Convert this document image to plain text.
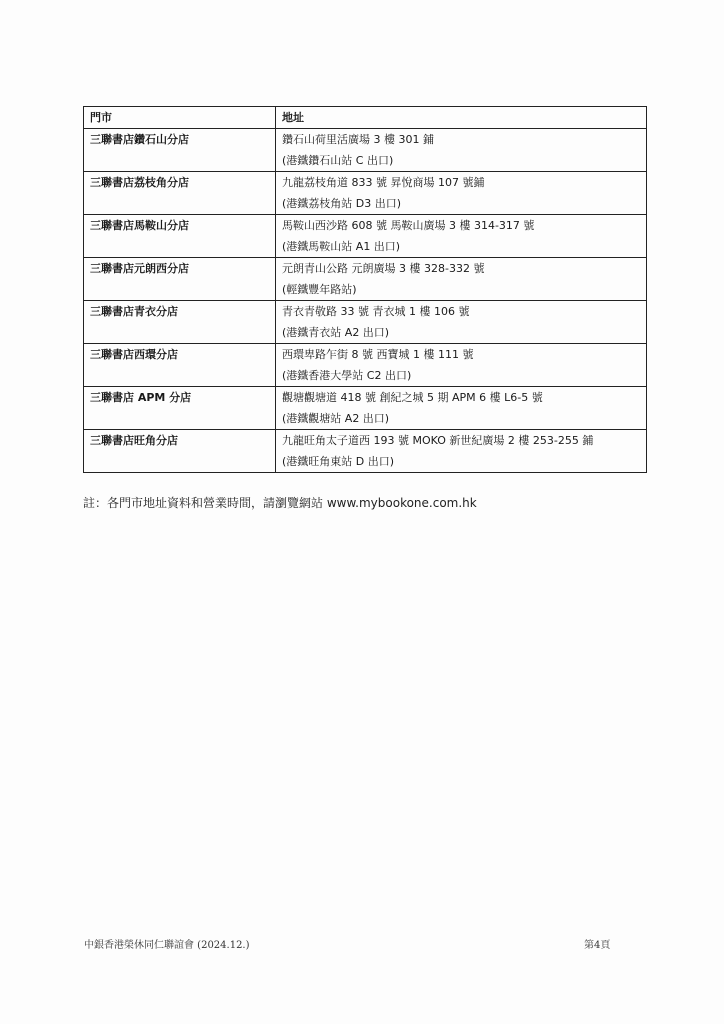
門市	地址
三聯書店鑽石山分店	鑽石山荷里活廣場 3 樓 301 鋪
(港鐵鑽石山站 C 出口)

三聯書店荔枝角分店	九龍荔枝角道 833 號 昇悅商場 107 號鋪
(港鐵荔枝角站 D3 出口)

三聯書店馬鞍山分店	馬鞍山西沙路 608 號 馬鞍山廣場 3 樓 314-317 號
(港鐵馬鞍山站 A1 出口)

三聯書店元朗西分店	元朗青山公路 元朗廣場 3 樓 328-332 號
(輕鐵豐年路站)

三聯書店青衣分店	青衣青敬路 33 號 青衣城 1 樓 106 號
(港鐵青衣站 A2 出口)

三聯書店西環分店	西環卑路乍街 8 號 西寶城 1 樓 111 號
(港鐵香港大學站 C2 出口)

三聯書店 APM 分店	觀塘觀塘道 418 號 創紀之城 5 期 APM 6 樓 L6-5 號
(港鐵觀塘站 A2 出口)

三聯書店旺角分店	九龍旺角太子道西 193 號 MOKO 新世紀廣場 2 樓 253-255 鋪
(港鐵旺角東站 D 出口)
註：各門市地址資料和營業時間，請瀏覽網站 www.mybookone.com.hk
中銀香港榮休同仁聯誼會 (2024.12.)	第4頁
